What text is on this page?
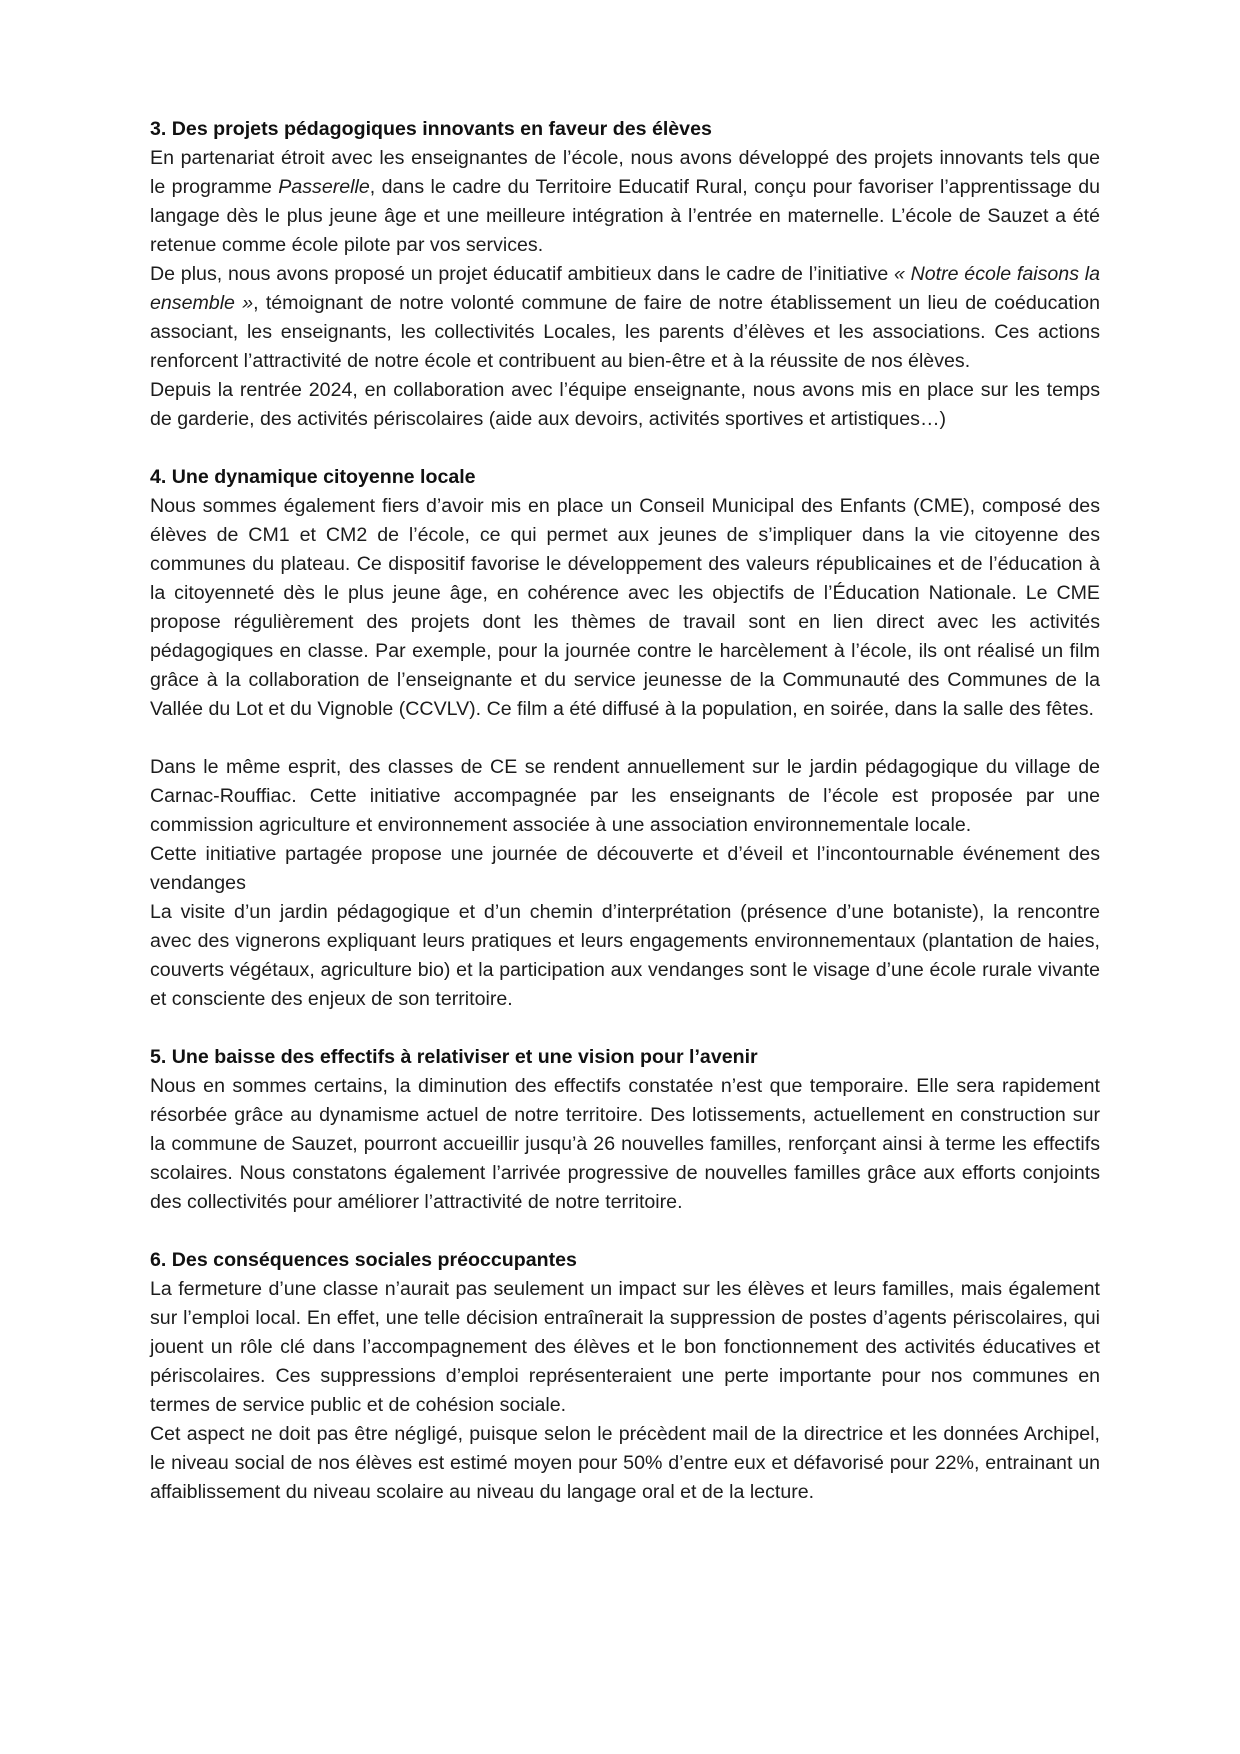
3. Des projets pédagogiques innovants en faveur des élèves

En partenariat étroit avec les enseignantes de l’école, nous avons développé des projets innovants tels que le programme Passerelle, dans le cadre du Territoire Educatif Rural, conçu pour favoriser l’apprentissage du langage dès le plus jeune âge et une meilleure intégration à l’entrée en maternelle. L’école de Sauzet a été retenue comme école pilote par vos services.

De plus, nous avons proposé un projet éducatif ambitieux dans le cadre de l’initiative « Notre école faisons la ensemble », témoignant de notre volonté commune de faire de notre établissement un lieu de coéducation associant, les enseignants, les collectivités Locales, les parents d’élèves et les associations. Ces actions renforcent l’attractivité de notre école et contribuent au bien-être et à la réussite de nos élèves.

Depuis la rentrée 2024, en collaboration avec l’équipe enseignante, nous avons mis en place sur les temps de garderie, des activités périscolaires (aide aux devoirs, activités sportives et artistiques…)

4. Une dynamique citoyenne locale

Nous sommes également fiers d’avoir mis en place un Conseil Municipal des Enfants (CME), composé des élèves de CM1 et CM2 de l’école, ce qui permet aux jeunes de s’impliquer dans la vie citoyenne des communes du plateau. Ce dispositif favorise le développement des valeurs républicaines et de l’éducation à la citoyenneté dès le plus jeune âge, en cohérence avec les objectifs de l’Éducation Nationale. Le CME propose régulièrement des projets dont les thèmes de travail sont en lien direct avec les activités pédagogiques en classe. Par exemple, pour la journée contre le harcèlement à l’école, ils ont réalisé un film grâce à la collaboration de l’enseignante et du service jeunesse de la Communauté des Communes de la Vallée du Lot et du Vignoble (CCVLV). Ce film a été diffusé à la population, en soirée, dans la salle des fêtes.

Dans le même esprit, des classes de CE se rendent annuellement sur le jardin pédagogique du village de Carnac-Rouffiac. Cette initiative accompagnée par les enseignants de l’école est proposée par une commission agriculture et environnement associée à une association environnementale locale.

Cette initiative partagée propose une journée de découverte et d’éveil et l’incontournable événement des vendanges

La visite d’un jardin pédagogique et d’un chemin d’interprétation (présence d’une botaniste), la rencontre avec des vignerons expliquant leurs pratiques et leurs engagements environnementaux (plantation de haies, couverts végétaux, agriculture bio) et la participation aux vendanges sont le visage d’une école rurale vivante et consciente des enjeux de son territoire.

5. Une baisse des effectifs à relativiser et une vision pour l’avenir

Nous en sommes certains, la diminution des effectifs constatée n’est que temporaire. Elle sera rapidement résorbée grâce au dynamisme actuel de notre territoire. Des lotissements, actuellement en construction sur la commune de Sauzet, pourront accueillir jusqu’à 26 nouvelles familles, renforçant ainsi à terme les effectifs scolaires. Nous constatons également l’arrivée progressive de nouvelles familles grâce aux efforts conjoints des collectivités pour améliorer l’attractivité de notre territoire.

6. Des conséquences sociales préoccupantes

La fermeture d’une classe n’aurait pas seulement un impact sur les élèves et leurs familles, mais également sur l’emploi local. En effet, une telle décision entraînerait la suppression de postes d’agents périscolaires, qui jouent un rôle clé dans l’accompagnement des élèves et le bon fonctionnement des activités éducatives et périscolaires. Ces suppressions d’emploi représenteraient une perte importante pour nos communes en termes de service public et de cohésion sociale.

Cet aspect ne doit pas être négligé, puisque selon le précèdent mail de la directrice et les données Archipel, le niveau social de nos élèves est estimé moyen pour 50% d’entre eux et défavorisé pour 22%, entrainant un affaiblissement du niveau scolaire au niveau du langage oral et de la lecture.
